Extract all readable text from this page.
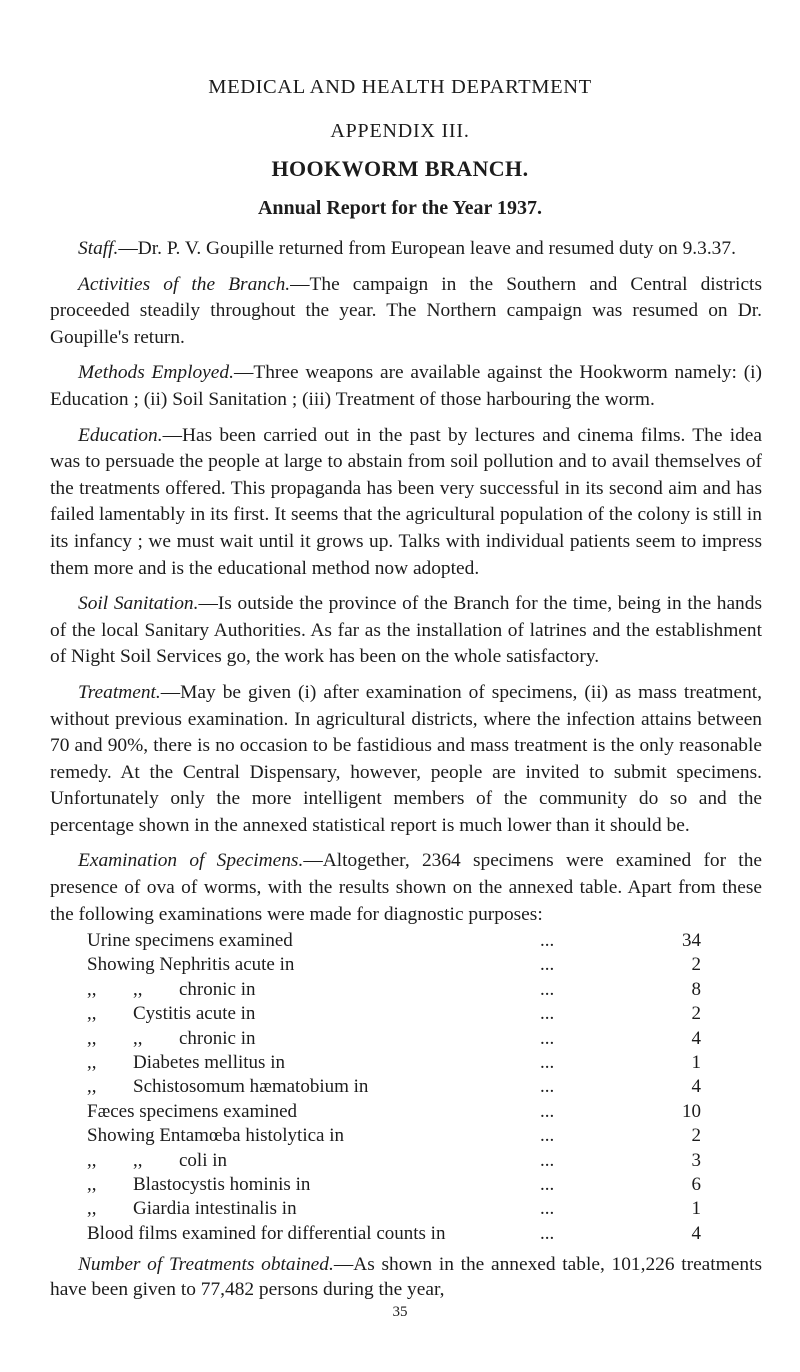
MEDICAL AND HEALTH DEPARTMENT
APPENDIX III.
HOOKWORM BRANCH.
Annual Report for the Year 1937.

Staff.—Dr. P. V. Goupille returned from European leave and resumed duty on 9.3.37.

Activities of the Branch.—The campaign in the Southern and Central districts proceeded steadily throughout the year. The Northern campaign was resumed on Dr. Goupille's return.

Methods Employed.—Three weapons are available against the Hookworm namely: (i) Education ; (ii) Soil Sanitation ; (iii) Treatment of those harbouring the worm.

Education.—Has been carried out in the past by lectures and cinema films. The idea was to persuade the people at large to abstain from soil pollution and to avail themselves of the treatments offered. This propaganda has been very successful in its second aim and has failed lamentably in its first. It seems that the agricultural population of the colony is still in its infancy ; we must wait until it grows up. Talks with individual patients seem to impress them more and is the educational method now adopted.

Soil Sanitation.—Is outside the province of the Branch for the time, being in the hands of the local Sanitary Authorities. As far as the installation of latrines and the establishment of Night Soil Services go, the work has been on the whole satisfactory.

Treatment.—May be given (i) after examination of specimens, (ii) as mass treatment, without previous examination. In agricultural districts, where the infection attains between 70 and 90%, there is no occasion to be fastidious and mass treatment is the only reasonable remedy. At the Central Dispensary, however, people are invited to submit specimens. Unfortunately only the more intelligent members of the community do so and the percentage shown in the annexed statistical report is much lower than it should be.

Examination of Specimens.—Altogether, 2364 specimens were examined for the presence of ova of worms, with the results shown on the annexed table. Apart from these the following examinations were made for diagnostic purposes:

Urine specimens examined	...	34
Showing Nephritis acute in	...	2
,, ,, chronic in	...	8
,, Cystitis acute in	...	2
,, ,, chronic in	...	4
,, Diabetes mellitus in	...	1
,, Schistosomum hæmatobium in	...	4
Fæces specimens examined	...	10
Showing Entamœba histolytica in	...	2
,, ,, coli in	...	3
,, Blastocystis hominis in	...	6
,, Giardia intestinalis in	...	1
Blood films examined for differential counts in	...	4
Number of Treatments obtained.—As shown in the annexed table, 101,226 treatments have been given to 77,482 persons during the year,
35
